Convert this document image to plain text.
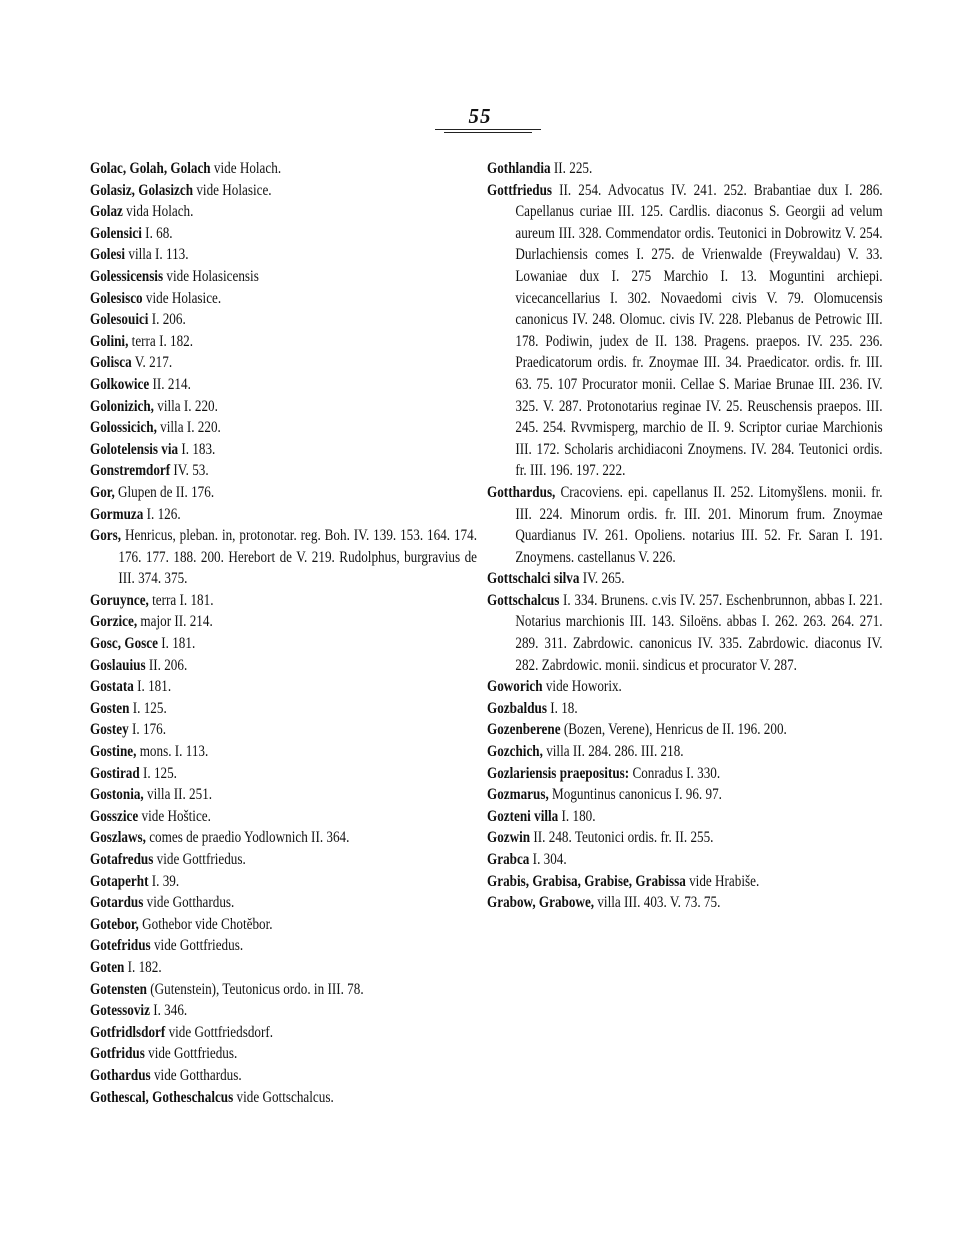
55

Golac, Golah, Golach vide Holach.

Golasiz, Golasizch vide Holasice.

Golaz vida Holach.

Golensici I. 68.

Golesi villa I. 113.

Golessicensis vide Holasicensis

Golesisco vide Holasice.

Golesouici I. 206.

Golini, terra I. 182.

Golisca V. 217.

Golkowice II. 214.

Golonizich, villa I. 220.

Golossicich, villa I. 220.

Golotelensis via I. 183.

Gonstremdorf IV. 53.

Gor, Glupen de II. 176.

Gormuza I. 126.

Gors, Henricus, pleban. in, protonotar. reg. Boh. IV. 139. 153. 164. 174. 176. 177. 188. 200. Herebort de V. 219. Rudolphus, burgravius de III. 374. 375.

Goruynce, terra I. 181.

Gorzice, major II. 214.

Gosc, Gosce I. 181.

Goslauius II. 206.

Gostata I. 181.

Gosten I. 125.

Gostey I. 176.

Gostine, mons. I. 113.

Gostirad I. 125.

Gostonia, villa II. 251.

Gosszice vide Hoštice.

Goszlaws, comes de praedio Yodlownich II. 364.

Gotafredus vide Gottfriedus.

Gotaperht I. 39.

Gotardus vide Gotthardus.

Gotebor, Gothebor vide Chotĕbor.

Gotefridus vide Gottfriedus.

Goten I. 182.

Gotensten (Gutenstein), Teutonicus ordo. in III. 78.

Gotessoviz I. 346.

Gotfridlsdorf vide Gottfriedsdorf.

Gotfridus vide Gottfriedus.

Gothardus vide Gotthardus.

Gothescal, Gotheschalcus vide Gottschalcus.

Gothlandia II. 225.

Gottfriedus II. 254. Advocatus IV. 241. 252. Brabantiae dux I. 286. Capellanus curiae III. 125. Cardlis. diaconus S. Georgii ad velum aureum III. 328. Commendator ordis. Teutonici in Dobrowitz V. 254. Durlachiensis comes I. 275. de Vrienwalde (Freywaldau) V. 33. Lowaniae dux I. 275 Marchio I. 13. Moguntini archiepi. vicecancellarius I. 302. Novaedomi civis V. 79. Olomucensis canonicus IV. 248. Olomuc. civis IV. 228. Plebanus de Petrowic III. 178. Podiwin, judex de II. 138. Pragens. praepos. IV. 235. 236. Praedicatorum ordis. fr. Znoymae III. 34. Praedicator. ordis. fr. III. 63. 75. 107 Procurator monii. Cellae S. Mariae Brunae III. 236. IV. 325. V. 287. Protonotarius reginae IV. 25. Reuschensis praepos. III. 245. 254. Rvvmisperg, marchio de II. 9. Scriptor curiae Marchionis III. 172. Scholaris archidiaconi Znoymens. IV. 284. Teutonici ordis. fr. III. 196. 197. 222.

Gotthardus, Cracoviens. epi. capellanus II. 252. Litomyšlens. monii. fr. III. 224. Minorum ordis. fr. III. 201. Minorum frum. Znoymae Quardianus IV. 261. Opoliens. notarius III. 52. Fr. Saran I. 191. Znoymens. castellanus V. 226.

Gottschalci silva IV. 265.

Gottschalcus I. 334. Brunens. c.vis IV. 257. Eschenbrunnon, abbas I. 221. Notarius marchionis III. 143. Siloëns. abbas I. 262. 263. 264. 271. 289. 311. Zabrdowic. canonicus IV. 335. Zabrdowic. diaconus IV. 282. Zabrdowic. monii. sindicus et procurator V. 287.

Goworich vide Howorix.

Gozbaldus I. 18.

Gozenberene (Bozen, Verene), Henricus de II. 196. 200.

Gozchich, villa II. 284. 286. III. 218.

Gozlariensis praepositus: Conradus I. 330.

Gozmarus, Moguntinus canonicus I. 96. 97.

Gozteni villa I. 180.

Gozwin II. 248. Teutonici ordis. fr. II. 255.

Grabca I. 304.

Grabis, Grabisa, Grabise, Grabissa vide Hrabiše.

Grabow, Grabowe, villa III. 403. V. 73. 75.
